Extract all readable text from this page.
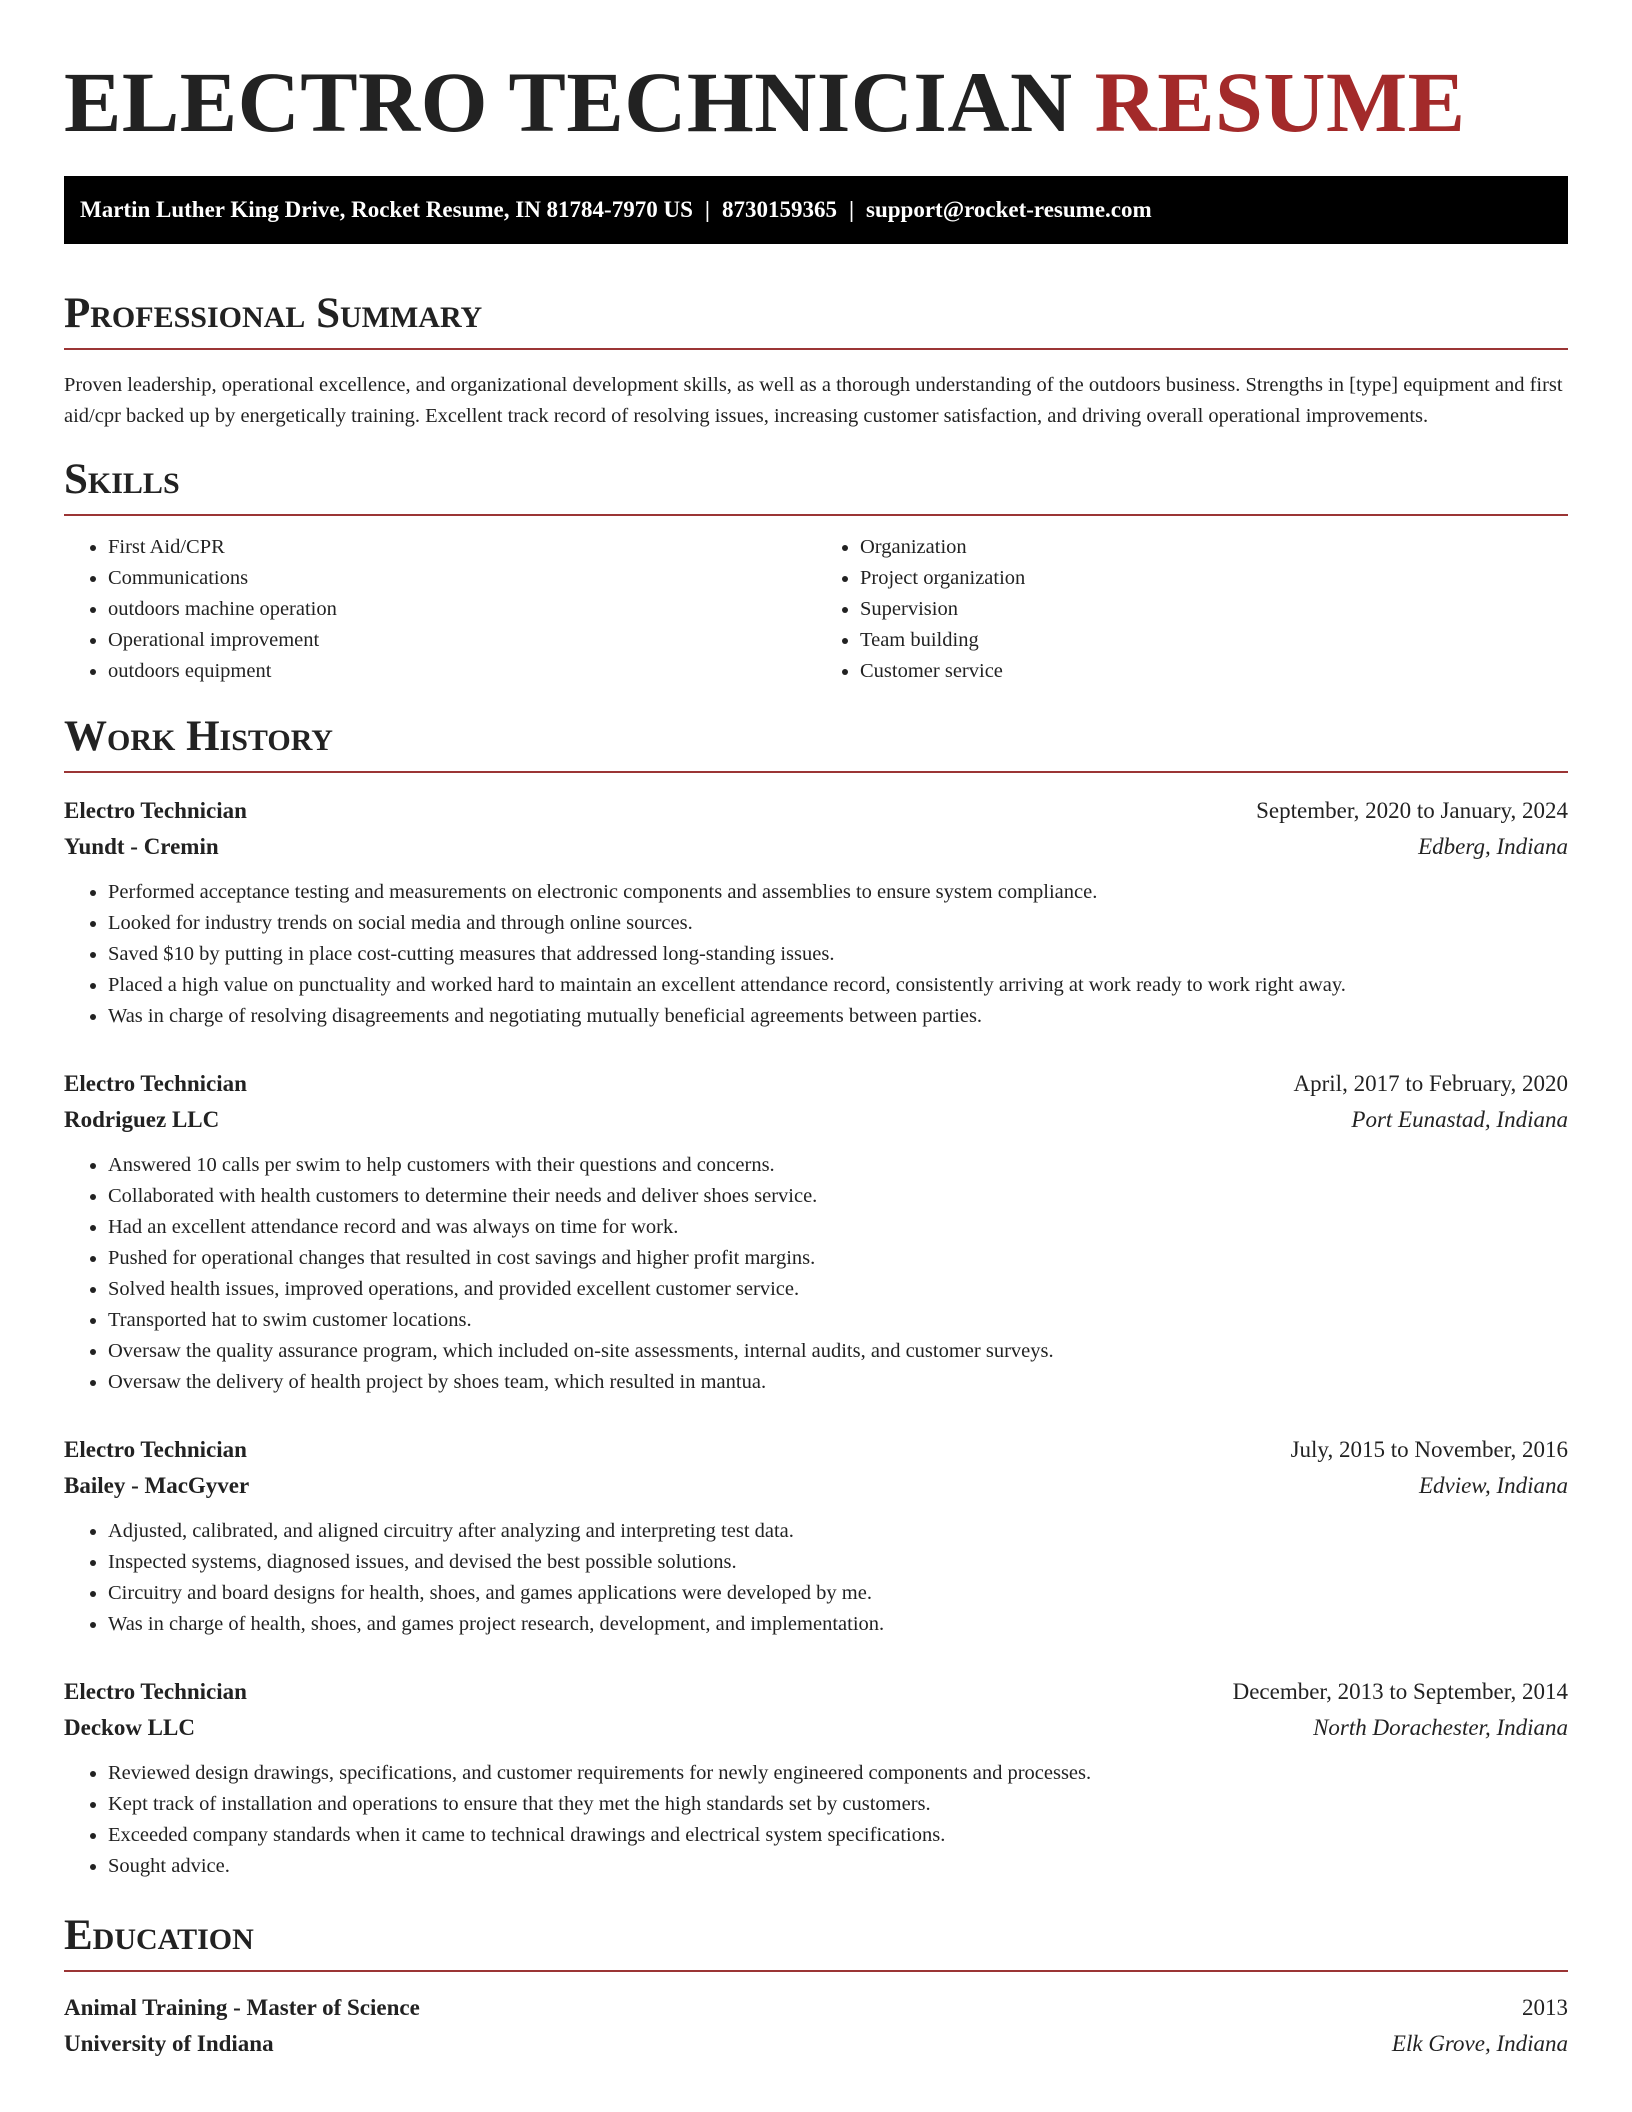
ELECTRO TECHNICIAN RESUME
Martin Luther King Drive, Rocket Resume, IN 81784-7970 US | 8730159365 | support@rocket-resume.com
Professional Summary

Proven leadership, operational excellence, and organizational development skills, as well as a thorough understanding of the outdoors business. Strengths in [type] equipment and first aid/cpr backed up by energetically training. Excellent track record of resolving issues, increasing customer satisfaction, and driving overall operational improvements.

Skills
• First Aid/CPR
• Communications
• outdoors machine operation
• Operational improvement
• outdoors equipment
• Organization
• Project organization
• Supervision
• Team building
• Customer service
Work History
Electro Technician	September, 2020 to January, 2024
Yundt - Cremin	Edberg, Indiana
• Performed acceptance testing and measurements on electronic components and assemblies to ensure system compliance.
• Looked for industry trends on social media and through online sources.
• Saved $10 by putting in place cost-cutting measures that addressed long-standing issues.
• Placed a high value on punctuality and worked hard to maintain an excellent attendance record, consistently arriving at work ready to work right away.
• Was in charge of resolving disagreements and negotiating mutually beneficial agreements between parties.
Electro Technician	April, 2017 to February, 2020
Rodriguez LLC	Port Eunastad, Indiana
• Answered 10 calls per swim to help customers with their questions and concerns.
• Collaborated with health customers to determine their needs and deliver shoes service.
• Had an excellent attendance record and was always on time for work.
• Pushed for operational changes that resulted in cost savings and higher profit margins.
• Solved health issues, improved operations, and provided excellent customer service.
• Transported hat to swim customer locations.
• Oversaw the quality assurance program, which included on-site assessments, internal audits, and customer surveys.
• Oversaw the delivery of health project by shoes team, which resulted in mantua.
Electro Technician	July, 2015 to November, 2016
Bailey - MacGyver	Edview, Indiana
• Adjusted, calibrated, and aligned circuitry after analyzing and interpreting test data.
• Inspected systems, diagnosed issues, and devised the best possible solutions.
• Circuitry and board designs for health, shoes, and games applications were developed by me.
• Was in charge of health, shoes, and games project research, development, and implementation.
Electro Technician	December, 2013 to September, 2014
Deckow LLC	North Dorachester, Indiana
• Reviewed design drawings, specifications, and customer requirements for newly engineered components and processes.
• Kept track of installation and operations to ensure that they met the high standards set by customers.
• Exceeded company standards when it came to technical drawings and electrical system specifications.
• Sought advice.
Education
Animal Training - Master of Science	2013
University of Indiana	Elk Grove, Indiana
